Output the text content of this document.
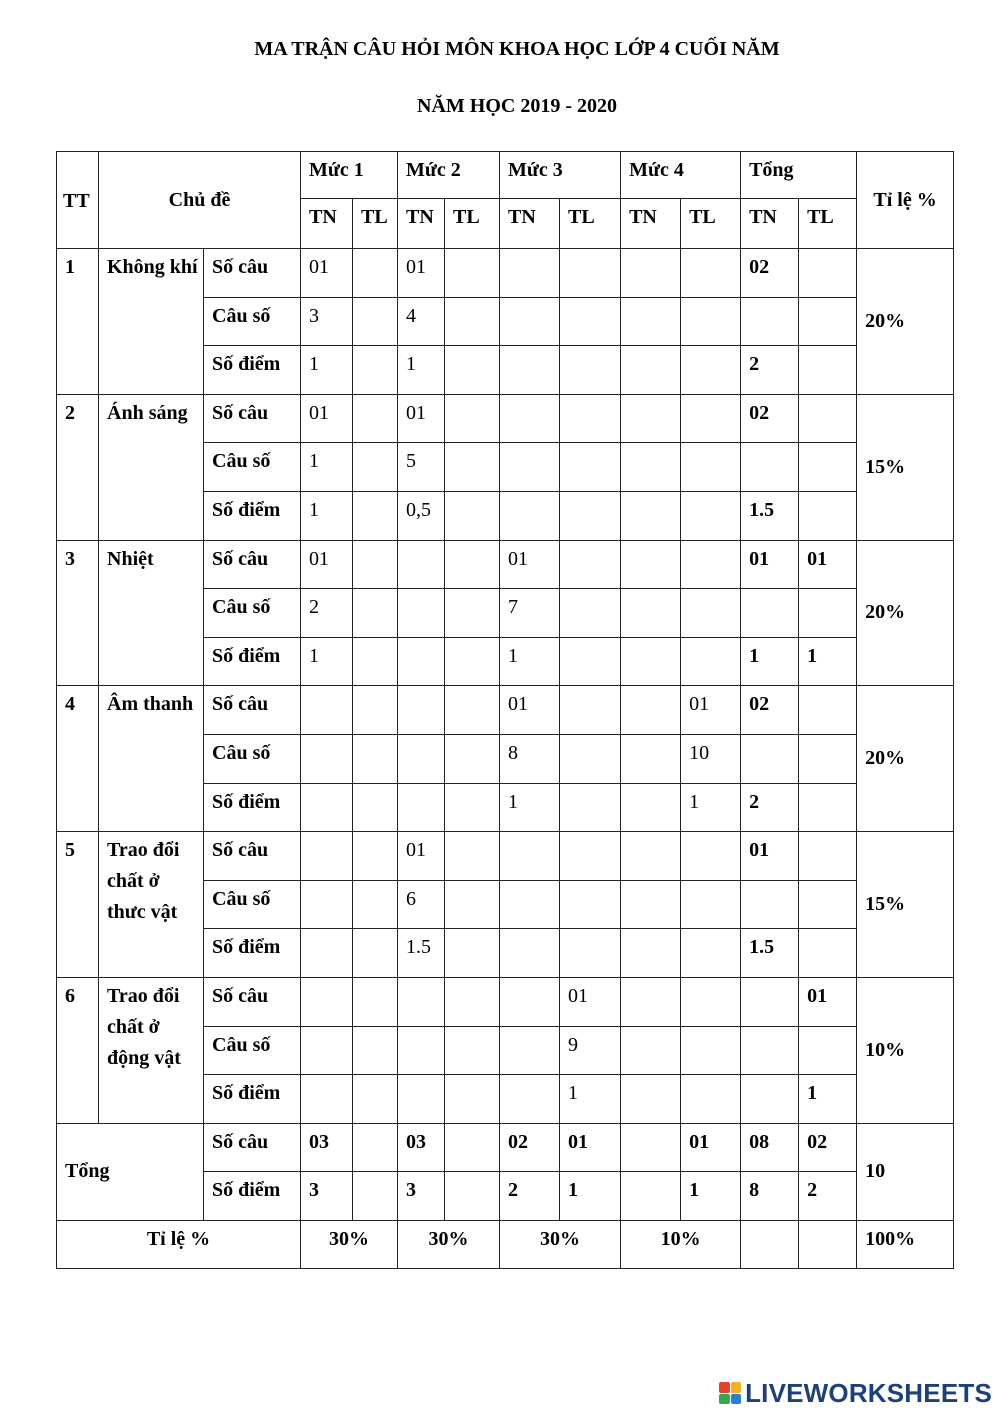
MA TRẬN CÂU HỎI MÔN KHOA HỌC LỚP 4 CUỐI NĂM
NĂM HỌC 2019 - 2020
TT	Chủ đề		Mức 1		Mức 2		Mức 3		Mức 4		Tổng		Tỉ lệ %
			TN	TL	TN	TL	TN	TL	TN	TL	TN	TL	
1	Không khí	Số câu	01		01						02		20%
		Câu số	3		4								
		Số điểm	1		1						2		
2	Ánh sáng	Số câu	01		01						02		15%
		Câu số	1		5								
		Số điểm	1		0,5						1.5		
3	Nhiệt	Số câu	01				01				01	01	20%
		Câu số	2				7						
		Số điểm	1				1				1	1	
4	Âm thanh	Số câu					01			01	02		20%
		Câu số					8			10			
		Số điểm					1			1	2		
5	Trao đổi chất ở thưc vật	Số câu			01						01		15%
		Câu số			6								
		Số điểm			1.5						1.5		
6	Trao đổi chất ở động vật	Số câu						01				01	10%
		Câu số						9					
		Số điểm						1				1	
Tổng		Số câu	03		03		02	01		01	08	02	10
		Số điểm	3		3		2	1		1	8	2	
Tỉ lệ %			30%		30%		30%		10%				100%
LIVEWORKSHEETS
